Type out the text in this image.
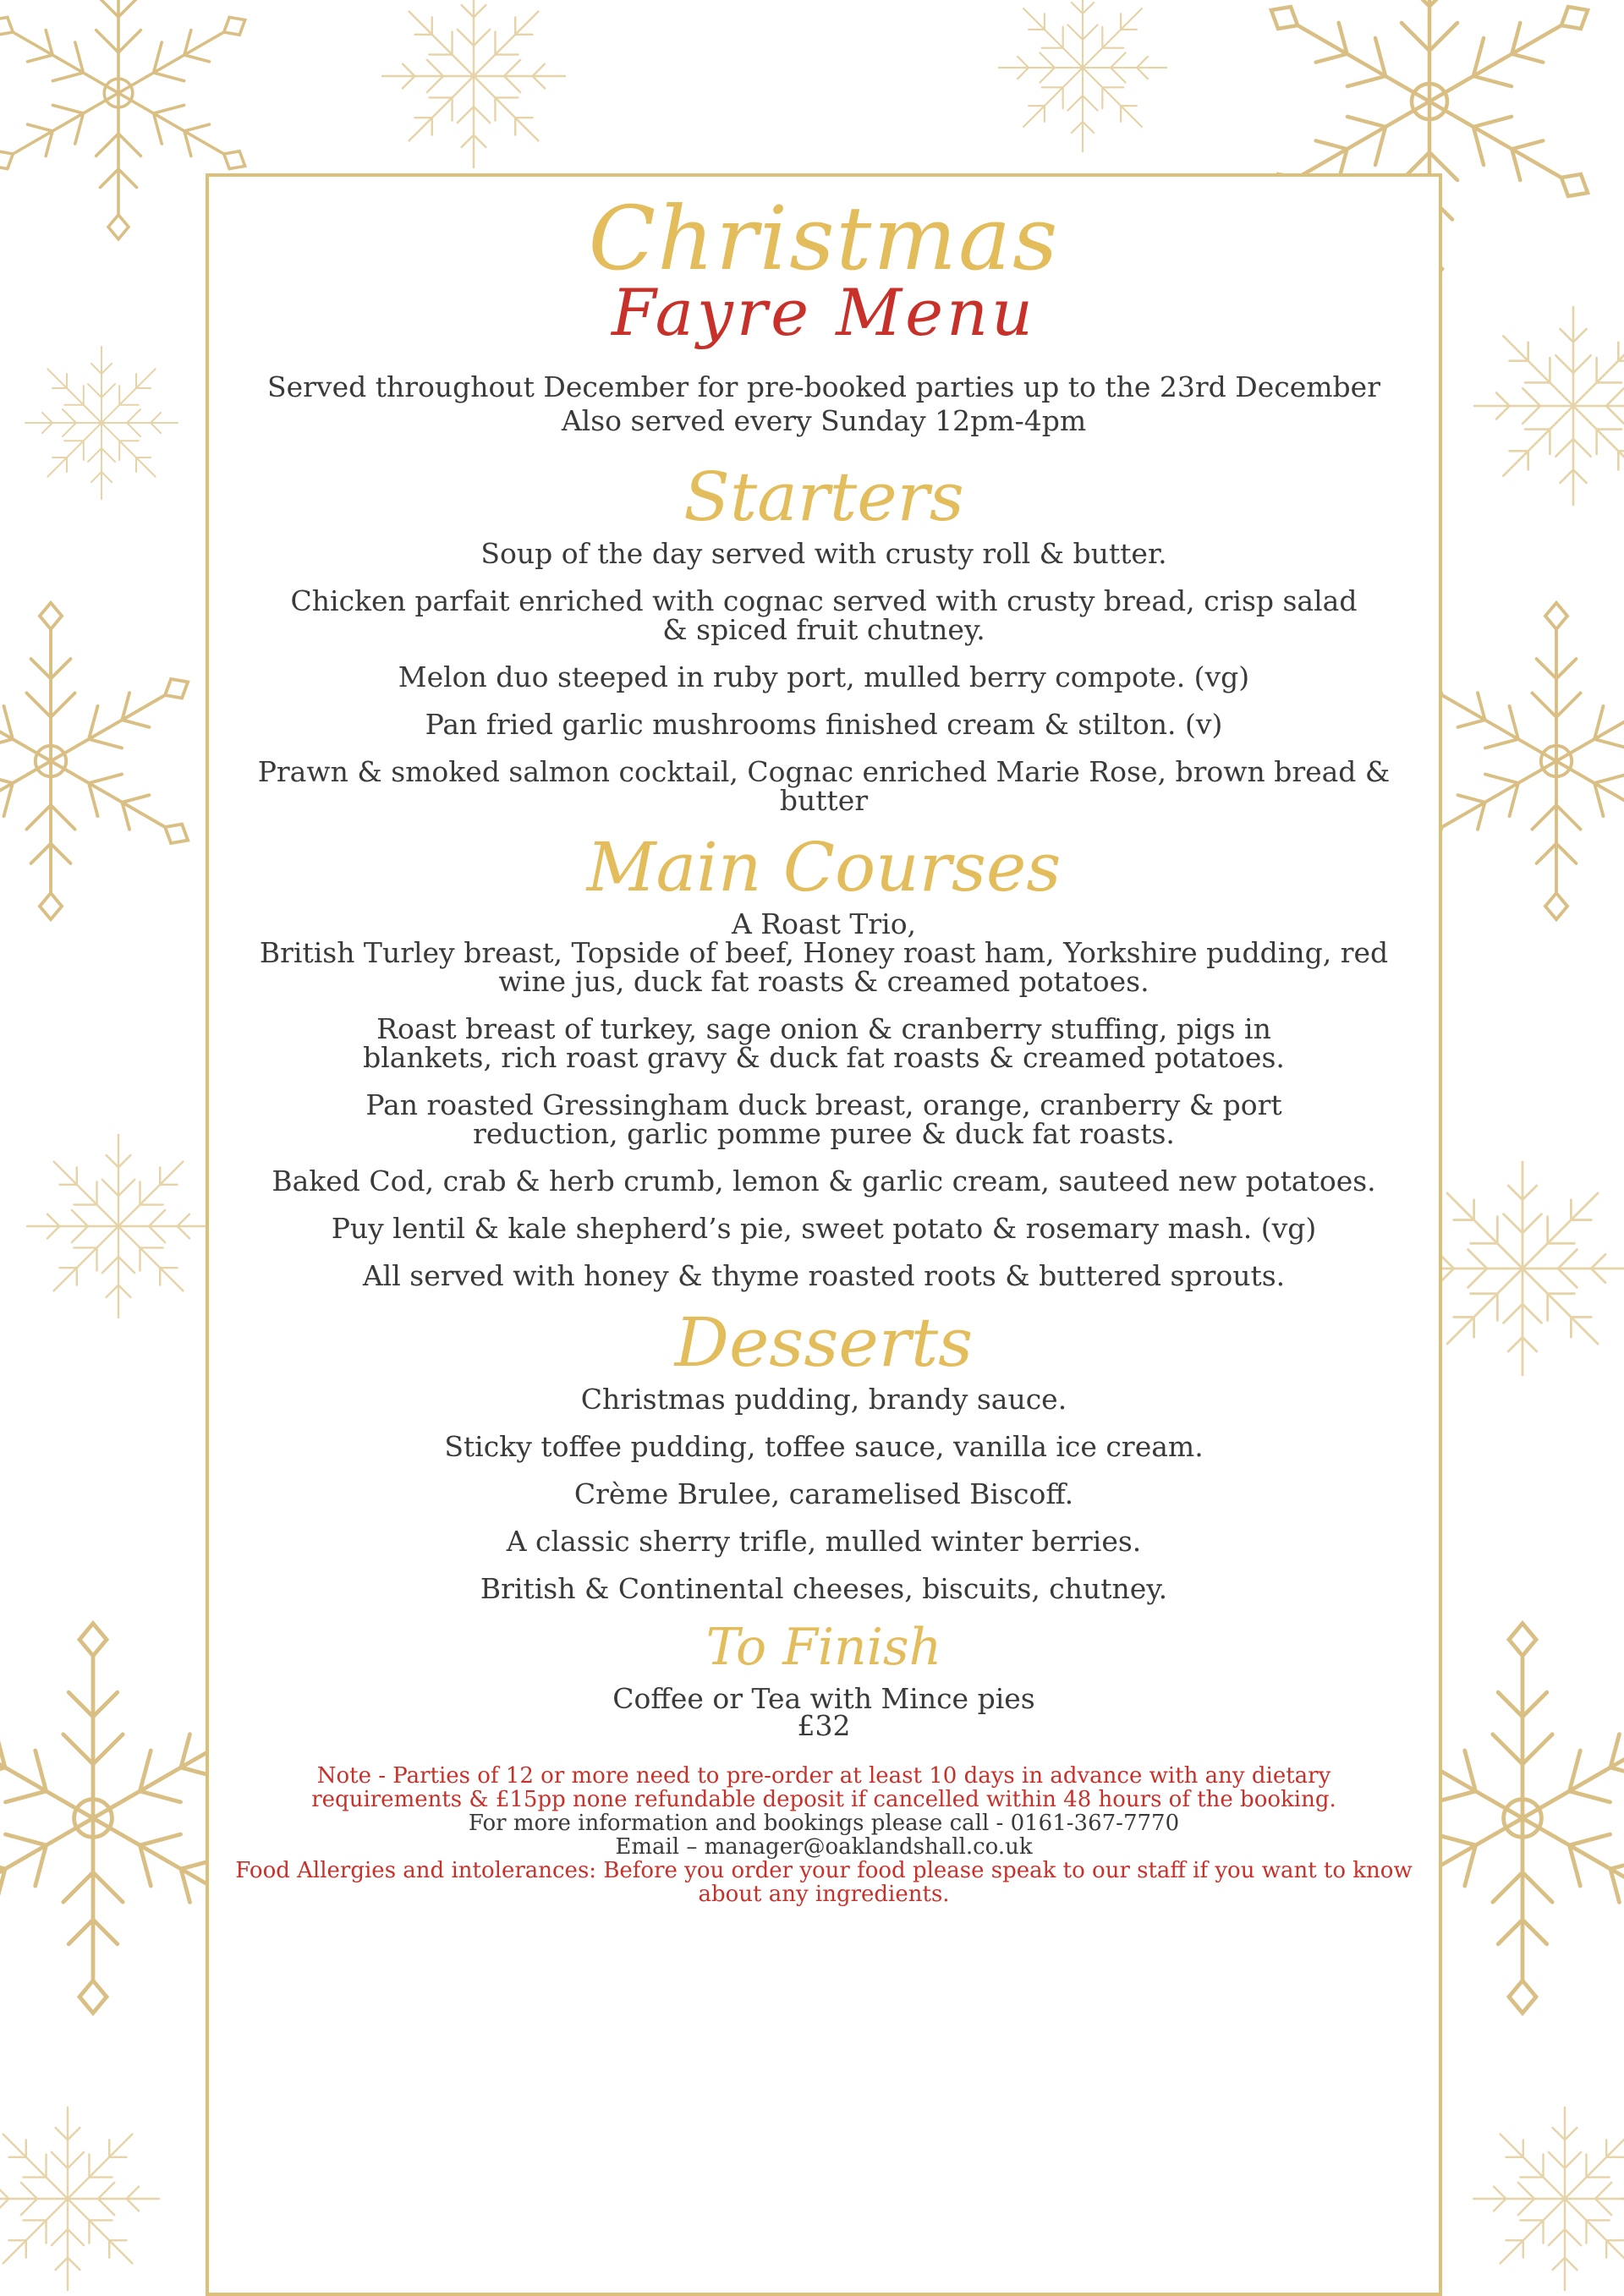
Christmas
Fayre Menu
Served throughout December for pre-booked parties up to the 23rd December
Also served every Sunday 12pm-4pm
Starters
Soup of the day served with crusty roll & butter.
Chicken parfait enriched with cognac served with crusty bread, crisp salad & spiced fruit chutney.
Melon duo steeped in ruby port, mulled berry compote. (vg)
Pan fried garlic mushrooms finished cream & stilton. (v)
Prawn & smoked salmon cocktail, Cognac enriched Marie Rose, brown bread & butter
Main Courses
A Roast Trio,
British Turley breast, Topside of beef, Honey roast ham, Yorkshire pudding, red wine jus, duck fat roasts & creamed potatoes.
Roast breast of turkey, sage onion & cranberry stuffing, pigs in blankets, rich roast gravy & duck fat roasts & creamed potatoes.
Pan roasted Gressingham duck breast, orange, cranberry & port reduction, garlic pomme puree & duck fat roasts.
Baked Cod, crab & herb crumb, lemon & garlic cream, sauteed new potatoes.
Puy lentil & kale shepherd’s pie, sweet potato & rosemary mash. (vg)
All served with honey & thyme roasted roots & buttered sprouts.
Desserts
Christmas pudding, brandy sauce.
Sticky toffee pudding, toffee sauce, vanilla ice cream.
Crème Brulee, caramelised Biscoff.
A classic sherry trifle, mulled winter berries.
British & Continental cheeses, biscuits, chutney.
To Finish
Coffee or Tea with Mince pies
£32
Note - Parties of 12 or more need to pre-order at least 10 days in advance with any dietary requirements & £15pp none refundable deposit if cancelled within 48 hours of the booking.
For more information and bookings please call - 0161-367-7770
Email – manager@oaklandshall.co.uk
Food Allergies and intolerances: Before you order your food please speak to our staff if you want to know about any ingredients.
